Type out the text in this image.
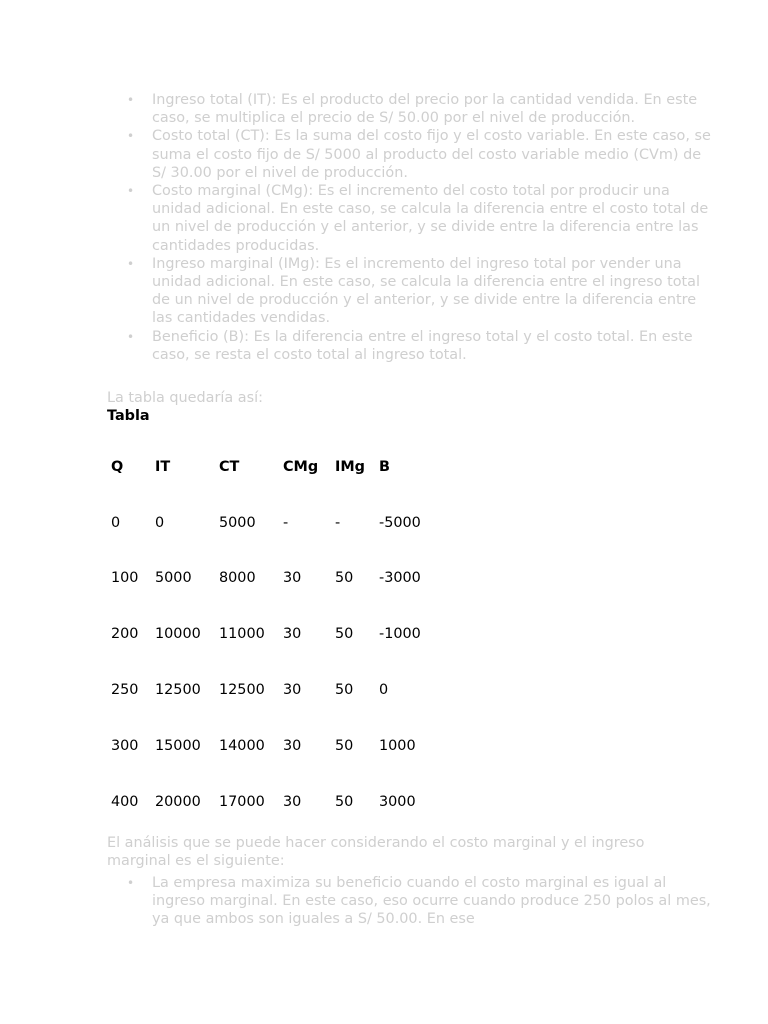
• Ingreso total (IT): Es el producto del precio por la cantidad vendida. En este caso, se multiplica el precio de S/ 50.00 por el nivel de producción.
• Costo total (CT): Es la suma del costo fijo y el costo variable. En este caso, se suma el costo fijo de S/ 5000 al producto del costo variable medio (CVm) de S/ 30.00 por el nivel de producción.
• Costo marginal (CMg): Es el incremento del costo total por producir una unidad adicional. En este caso, se calcula la diferencia entre el costo total de un nivel de producción y el anterior, y se divide entre la diferencia entre las cantidades producidas.
• Ingreso marginal (IMg): Es el incremento del ingreso total por vender una unidad adicional. En este caso, se calcula la diferencia entre el ingreso total de un nivel de producción y el anterior, y se divide entre la diferencia entre las cantidades vendidas.
• Beneficio (B): Es la diferencia entre el ingreso total y el costo total. En este caso, se resta el costo total al ingreso total.

La tabla quedaría así:

Tabla

Q	IT	CT	CMg	IMg	B
0	0	5000	-	-	-5000
100	5000	8000	30	50	-3000
200	10000	11000	30	50	-1000
250	12500	12500	30	50	0
300	15000	14000	30	50	1000
400	20000	17000	30	50	3000

El análisis que se puede hacer considerando el costo marginal y el ingreso marginal es el siguiente:

• La empresa maximiza su beneficio cuando el costo marginal es igual al ingreso marginal. En este caso, eso ocurre cuando produce 250 polos al mes, ya que ambos son iguales a S/ 50.00. En ese
